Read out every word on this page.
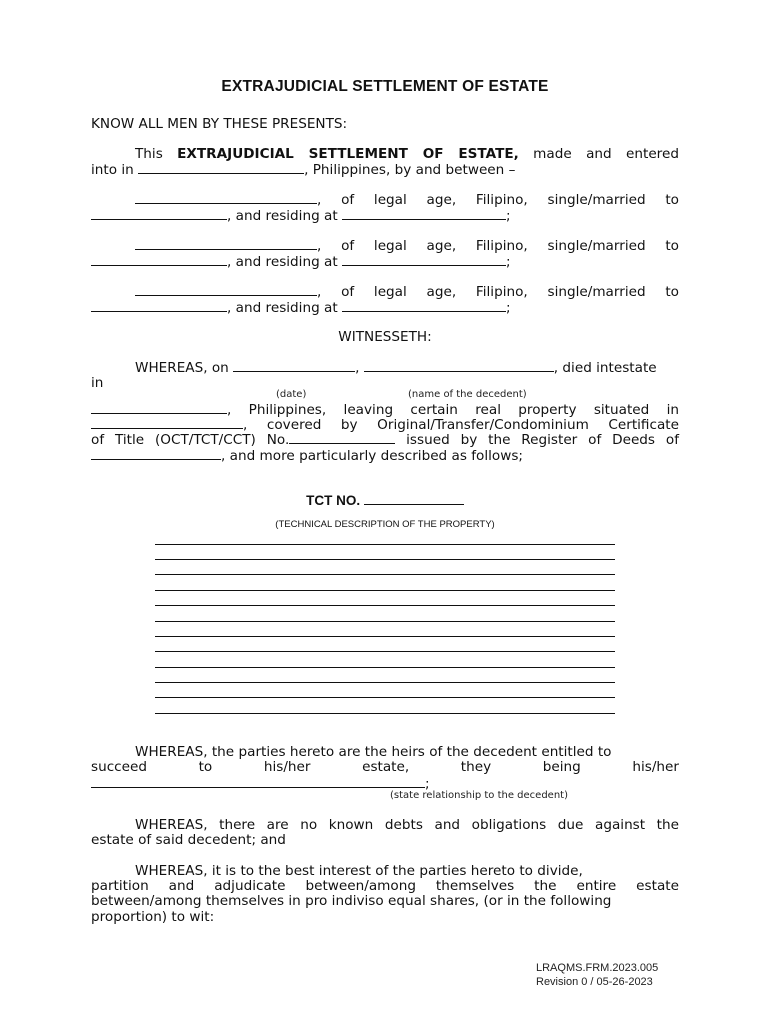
EXTRAJUDICIAL SETTLEMENT OF ESTATE
KNOW ALL MEN BY THESE PRESENTS:
This EXTRAJUDICIAL SETTLEMENT OF ESTATE, made and entered
into in	, Philippines, by and between –
, of legal age, Filipino, single/married to
, and residing at	;
, of legal age, Filipino, single/married to
, and residing at	;
, of legal age, Filipino, single/married to
, and residing at	;
WITNESSETH:
WHEREAS, on	,	, died intestate
in
(date)	(name of the decedent)
, Philippines, leaving certain real property situated in
, covered by Original/Transfer/Condominium Certificate
of Title (OCT/TCT/CCT) No.	issued by the Register of Deeds of
, and more particularly described as follows;
TCT NO.
(TECHNICAL DESCRIPTION OF THE PROPERTY)
WHEREAS, the parties hereto are the heirs of the decedent entitled to
succeed to his/her estate, they being his/her
;
(state relationship to the decedent)
WHEREAS, there are no known debts and obligations due against the
estate of said decedent; and
WHEREAS, it is to the best interest of the parties hereto to divide,
partition and adjudicate between/among themselves the entire estate
between/among themselves in pro indiviso equal shares, (or in the following
proportion) to wit:
LRAQMS.FRM.2023.005
Revision 0 / 05-26-2023
